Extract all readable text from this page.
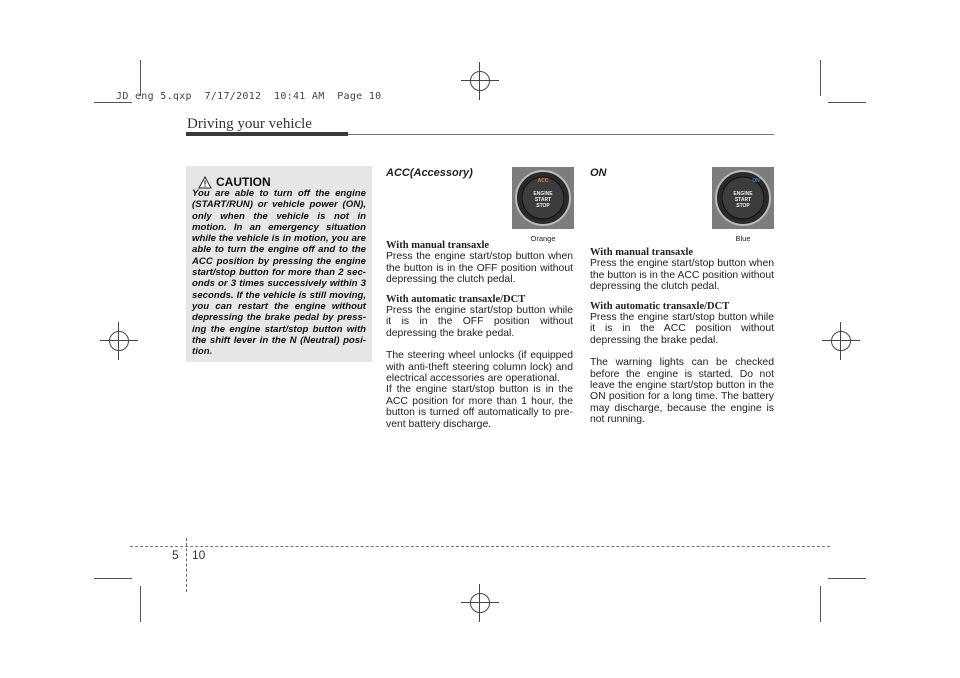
JD eng 5.qxp  7/17/2012  10:41 AM  Page 10
Driving your vehicle
CAUTION
You are able to turn off the engine (START/RUN) or vehicle power (ON), only when the vehicle is not in motion. In an emergency situation while the vehicle is in motion, you are able to turn the engine off and to the ACC position by pressing the engine start/stop button for more than 2 sec-onds or 3 times successively within 3 seconds. If the vehicle is still moving, you can restart the engine without depressing the brake pedal by press-ing the engine start/stop button with the shift lever in the N (Neutral) posi-tion.
ACC(Accessory)
ACC
ENGINE
START
STOP
Orange
With manual transaxle

Press the engine start/stop button when the button is in the OFF position without depressing the clutch pedal.

With automatic transaxle/DCT

Press the engine start/stop button while it is in the OFF position without depressing the brake pedal.

The steering wheel unlocks (if equipped with anti-theft steering column lock) and electrical accessories are operational.

If the engine start/stop button is in the ACC position for more than 1 hour, the button is turned off automatically to pre-vent battery discharge.

ON
ON
ENGINE
START
STOP
Blue
With manual transaxle

Press the engine start/stop button when the button is in the ACC position without depressing the clutch pedal.

With automatic transaxle/DCT

Press the engine start/stop button while it is in the ACC position without depressing the brake pedal.

The warning lights can be checked before the engine is started. Do not leave the engine start/stop button in the ON position for a long time. The battery may discharge, because the engine is not running.

5 10
